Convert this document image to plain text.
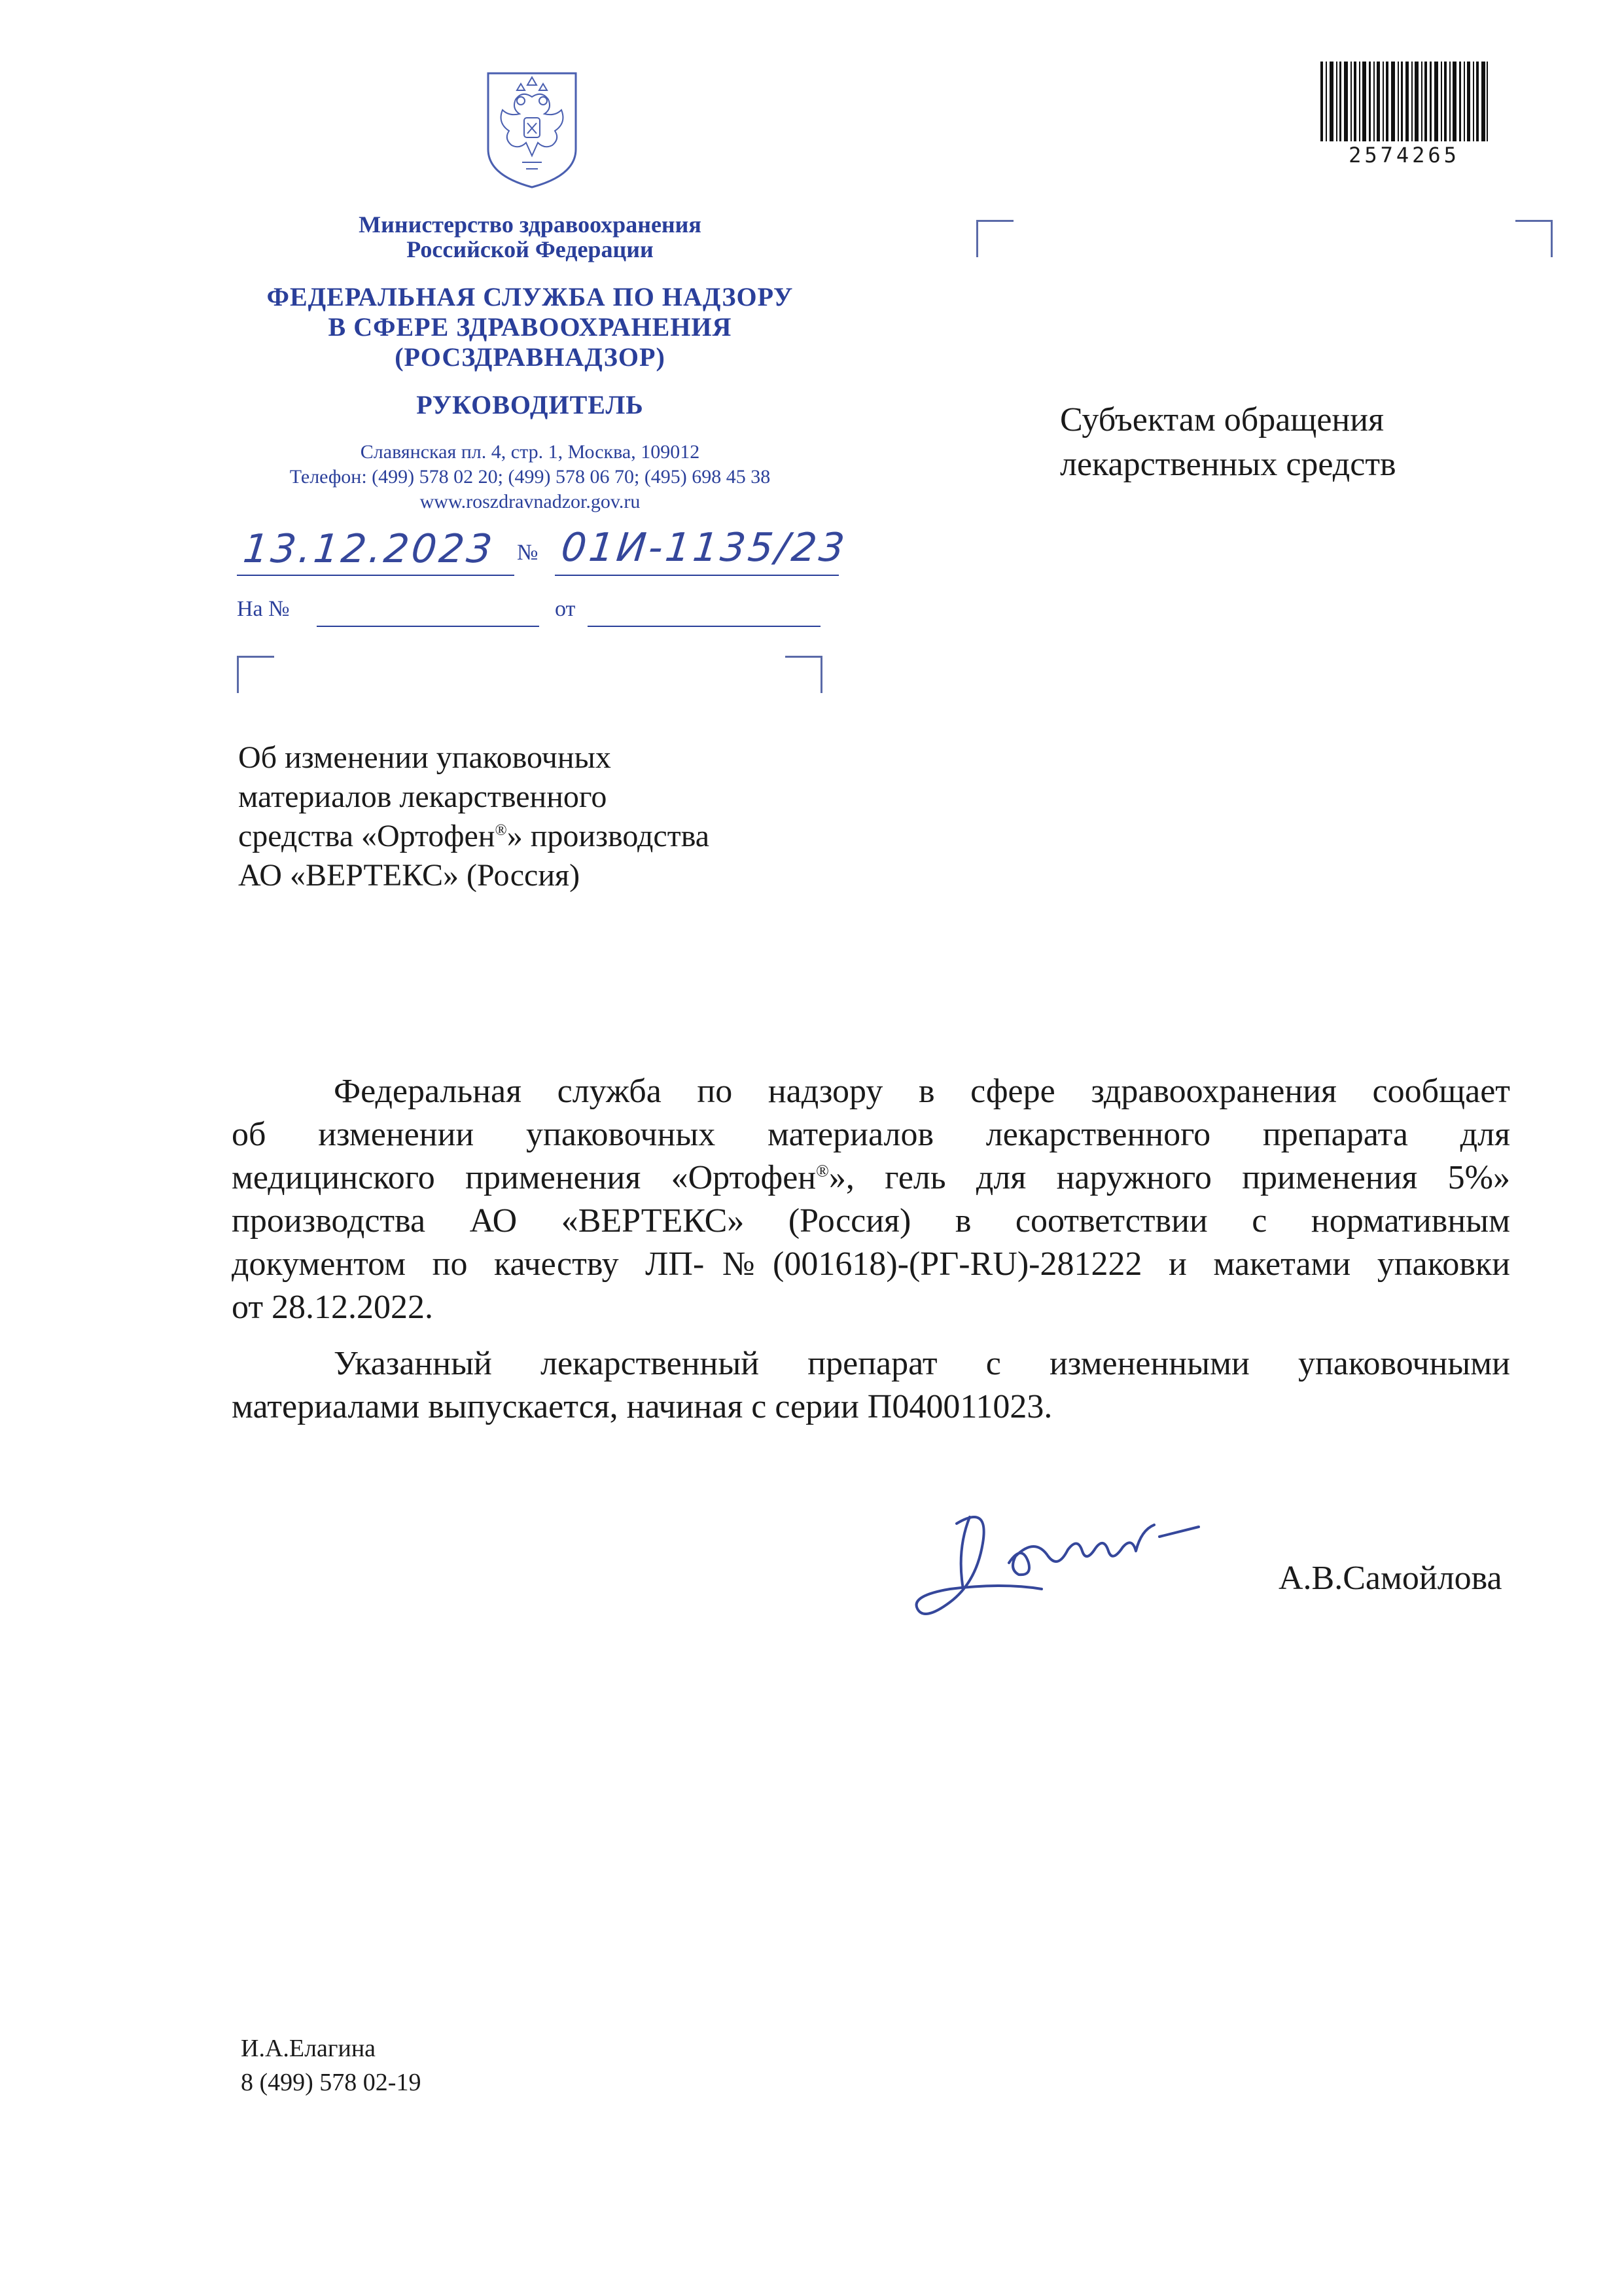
2574265
Министерство здравоохранения
Российской Федерации
ФЕДЕРАЛЬНАЯ СЛУЖБА ПО НАДЗОРУ
В СФЕРЕ ЗДРАВООХРАНЕНИЯ
(РОСЗДРАВНАДЗОР)
РУКОВОДИТЕЛЬ
Славянская пл. 4, стр. 1, Москва, 109012
Телефон: (499) 578 02 20; (499) 578 06 70; (495) 698 45 38
www.roszdravnadzor.gov.ru
13.12.2023 № 01И-1135/23
На №	от
Субъектам обращения
лекарственных средств
Об изменении упаковочных
материалов лекарственного
средства «Ортофен®» производства
АО «ВЕРТЕКС» (Россия)
Федеральная служба по надзору в сфере здравоохранения сообщает
об изменении упаковочных материалов лекарственного препарата для
медицинского применения «Ортофен®», гель для наружного применения 5%»
производства АО «ВЕРТЕКС» (Россия) в соответствии с нормативным
документом по качеству ЛП-№(001618)-(РГ-RU)-281222 и макетами упаковки
от 28.12.2022.
Указанный лекарственный препарат с измененными упаковочными
материалами выпускается, начиная с серии П040011023.
А.В.Самойлова
И.А.Елагина
8 (499) 578 02-19
